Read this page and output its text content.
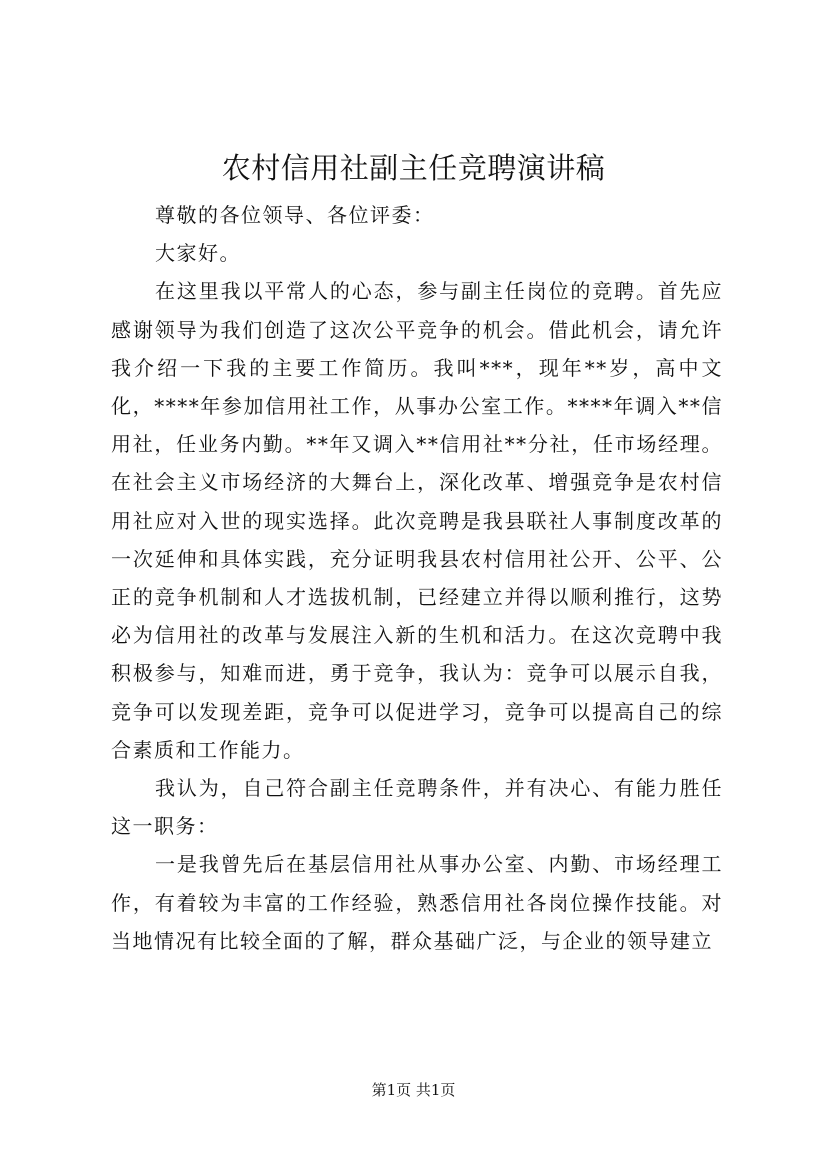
农村信用社副主任竞聘演讲稿

尊敬的各位领导、各位评委：

大家好。

在这里我以平常人的心态，参与副主任岗位的竞聘。首先应感谢领导为我们创造了这次公平竞争的机会。借此机会，请允许我介绍一下我的主要工作简历。我叫***，现年**岁，高中文化，****年参加信用社工作，从事办公室工作。****年调入**信用社，任业务内勤。**年又调入**信用社**分社，任市场经理。在社会主义市场经济的大舞台上，深化改革、增强竞争是农村信用社应对入世的现实选择。此次竞聘是我县联社人事制度改革的一次延伸和具体实践，充分证明我县农村信用社公开、公平、公正的竞争机制和人才选拔机制，已经建立并得以顺利推行，这势必为信用社的改革与发展注入新的生机和活力。在这次竞聘中我积极参与，知难而进，勇于竞争，我认为：竞争可以展示自我，竞争可以发现差距，竞争可以促进学习，竞争可以提高自己的综合素质和工作能力。

我认为，自己符合副主任竞聘条件，并有决心、有能力胜任这一职务：

一是我曾先后在基层信用社从事办公室、内勤、市场经理工作，有着较为丰富的工作经验，熟悉信用社各岗位操作技能。对当地情况有比较全面的了解，群众基础广泛，与企业的领导建立

第1页 共1页
